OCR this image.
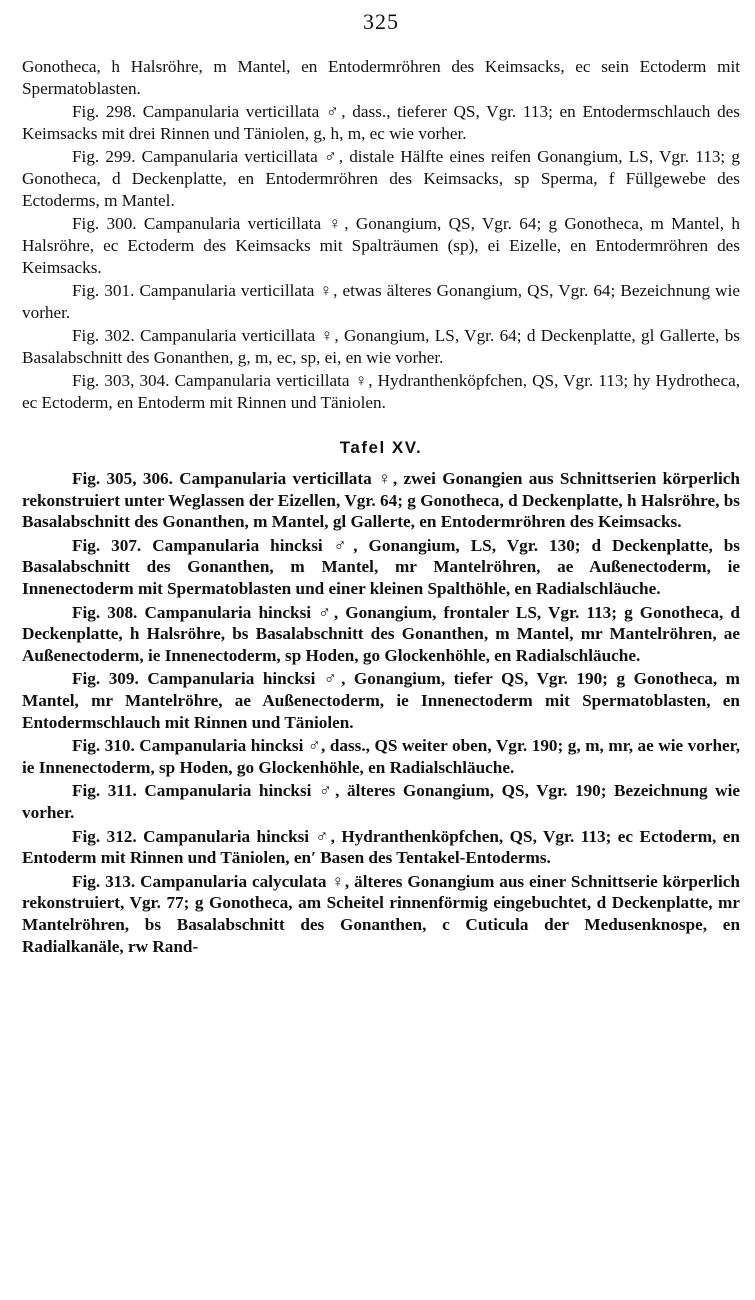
325

Gonotheca, h Halsröhre, m Mantel, en Entodermröhren des Keimsacks, ec sein Ectoderm mit Spermatoblasten.

Fig. 298. Campanularia verticillata ♂, dass., tieferer QS, Vgr. 113; en Entodermschlauch des Keimsacks mit drei Rinnen und Täniolen, g, h, m, ec wie vorher.

Fig. 299. Campanularia verticillata ♂, distale Hälfte eines reifen Gonangium, LS, Vgr. 113; g Gonotheca, d Deckenplatte, en Entodermröhren des Keimsacks, sp Sperma, f Füllgewebe des Ectoderms, m Mantel.

Fig. 300. Campanularia verticillata ♀, Gonangium, QS, Vgr. 64; g Gonotheca, m Mantel, h Halsröhre, ec Ectoderm des Keimsacks mit Spalträumen (sp), ei Eizelle, en Entodermröhren des Keimsacks.

Fig. 301. Campanularia verticillata ♀, etwas älteres Gonangium, QS, Vgr. 64; Bezeichnung wie vorher.

Fig. 302. Campanularia verticillata ♀, Gonangium, LS, Vgr. 64; d Deckenplatte, gl Gallerte, bs Basalabschnitt des Gonanthen, g, m, ec, sp, ei, en wie vorher.

Fig. 303, 304. Campanularia verticillata ♀, Hydranthenköpfchen, QS, Vgr. 113; hy Hydrotheca, ec Ectoderm, en Entoderm mit Rinnen und Täniolen.

Tafel XV.

Fig. 305, 306. Campanularia verticillata ♀, zwei Gonangien aus Schnittserien körperlich rekonstruiert unter Weglassen der Eizellen, Vgr. 64; g Gonotheca, d Deckenplatte, h Halsröhre, bs Basalabschnitt des Gonanthen, m Mantel, gl Gallerte, en Entodermröhren des Keimsacks.

Fig. 307. Campanularia hincksi ♂, Gonangium, LS, Vgr. 130; d Deckenplatte, bs Basalabschnitt des Gonanthen, m Mantel, mr Mantelröhren, ae Außenectoderm, ie Innenectoderm mit Spermatoblasten und einer kleinen Spalthöhle, en Radialschläuche.

Fig. 308. Campanularia hincksi ♂, Gonangium, frontaler LS, Vgr. 113; g Gonotheca, d Deckenplatte, h Halsröhre, bs Basalabschnitt des Gonanthen, m Mantel, mr Mantelröhren, ae Außenectoderm, ie Innenectoderm, sp Hoden, go Glockenhöhle, en Radialschläuche.

Fig. 309. Campanularia hincksi ♂, Gonangium, tiefer QS, Vgr. 190; g Gonotheca, m Mantel, mr Mantelröhre, ae Außenectoderm, ie Innenectoderm mit Spermatoblasten, en Entodermschlauch mit Rinnen und Täniolen.

Fig. 310. Campanularia hincksi ♂, dass., QS weiter oben, Vgr. 190; g, m, mr, ae wie vorher, ie Innenectoderm, sp Hoden, go Glockenhöhle, en Radialschläuche.

Fig. 311. Campanularia hincksi ♂, älteres Gonangium, QS, Vgr. 190; Bezeichnung wie vorher.

Fig. 312. Campanularia hincksi ♂, Hydranthenköpfchen, QS, Vgr. 113; ec Ectoderm, en Entoderm mit Rinnen und Täniolen, en′ Basen des Tentakel-Entoderms.

Fig. 313. Campanularia calyculata ♀, älteres Gonangium aus einer Schnittserie körperlich rekonstruiert, Vgr. 77; g Gonotheca, am Scheitel rinnenförmig eingebuchtet, d Deckenplatte, mr Mantelröhren, bs Basalabschnitt des Gonanthen, c Cuticula der Medusenknospe, en Radialkanäle, rw Rand-
